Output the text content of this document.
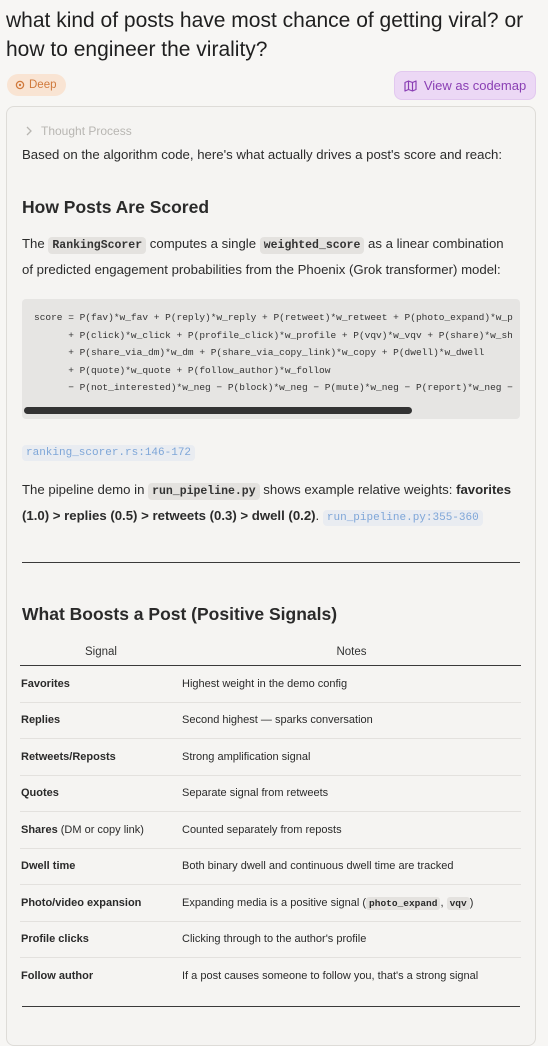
what kind of posts have most chance of getting viral? or how to engineer the virality?
Deep	View as codemap
Thought Process
Based on the algorithm code, here's what actually drives a post's score and reach:
How Posts Are Scored
The RankingScorer computes a single weighted_score as a linear combination
of predicted engagement probabilities from the Phoenix (Grok transformer) model:
score = P(fav)*w_fav + P(reply)*w_reply + P(retweet)*w_retweet + P(photo_expand)*w_p
+ P(click)*w_click + P(profile_click)*w_profile + P(vqv)*w_vqv + P(share)*w_sh
+ P(share_via_dm)*w_dm + P(share_via_copy_link)*w_copy + P(dwell)*w_dwell
+ P(quote)*w_quote + P(follow_author)*w_follow
− P(not_interested)*w_neg − P(block)*w_neg − P(mute)*w_neg − P(report)*w_neg −
ranking_scorer.rs:146-172
The pipeline demo in run_pipeline.py shows example relative weights: favorites
(1.0) > replies (0.5) > retweets (0.3) > dwell (0.2). run_pipeline.py:355-360
What Boosts a Post (Positive Signals)
Signal	Notes
Favorites	Highest weight in the demo config
Replies	Second highest — sparks conversation
Retweets/Reposts	Strong amplification signal
Quotes	Separate signal from retweets
Shares (DM or copy link)	Counted separately from reposts
Dwell time	Both binary dwell and continuous dwell time are tracked
Photo/video expansion	Expanding media is a positive signal ( photo_expand , vqv )
Profile clicks	Clicking through to the author's profile
Follow author	If a post causes someone to follow you, that's a strong signal
